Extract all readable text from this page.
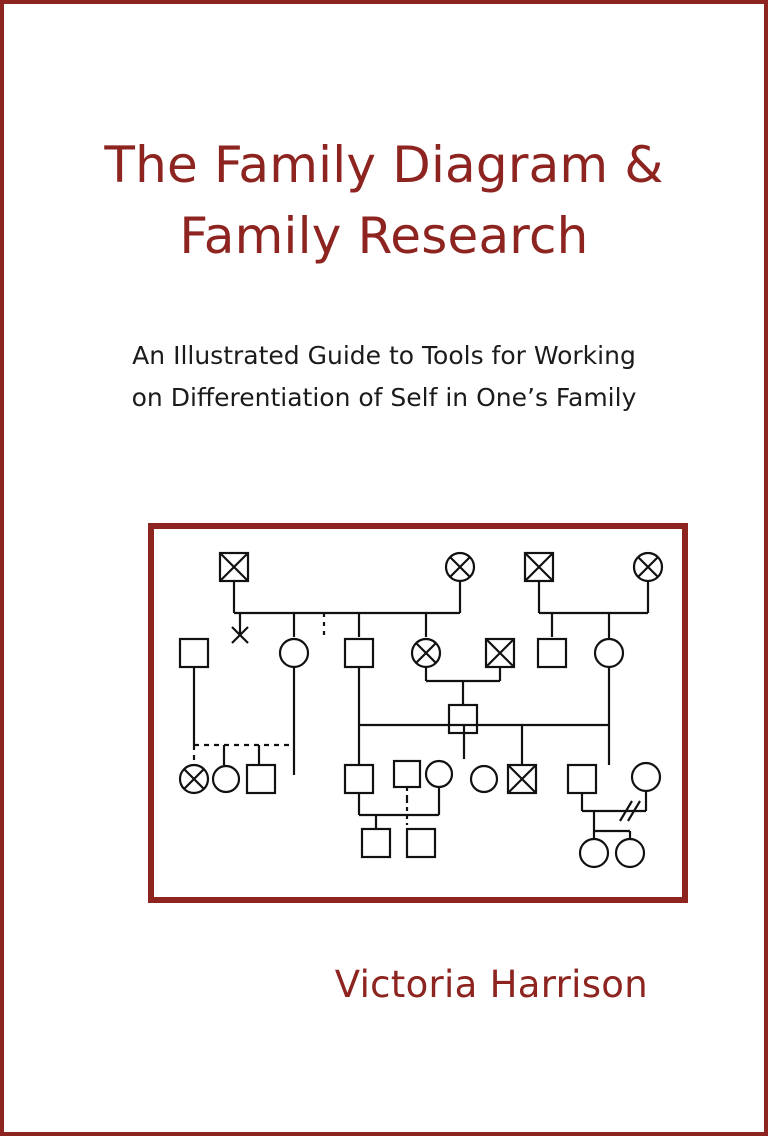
The Family Diagram &
Family Research
An Illustrated Guide to Tools for Working
on Differentiation of Self in One’s Family
Victoria Harrison
